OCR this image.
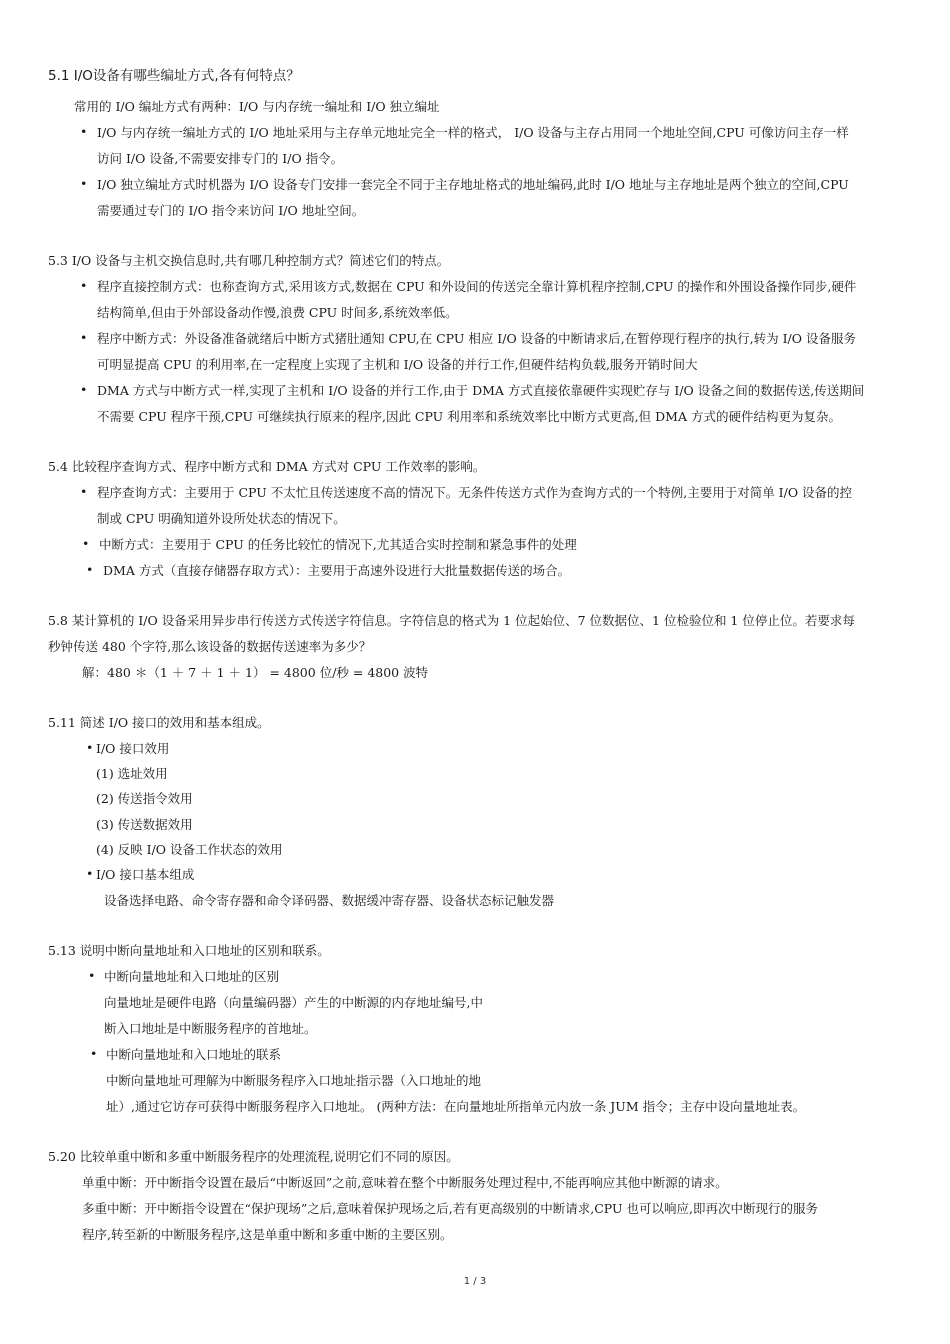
5.1 I/O设备有哪些编址方式,各有何特点？
常用的 I/O 编址方式有两种：I/O 与内存统一编址和 I/O 独立编址
• I/O 与内存统一编址方式的 I/O 地址采用与主存单元地址完全一样的格式， I/O 设备与主存占用同一个地址空间,CPU 可像访问主存一样
访问 I/O 设备,不需要安排专门的 I/O 指令。
• I/O 独立编址方式时机器为 I/O 设备专门安排一套完全不同于主存地址格式的地址编码,此时 I/O 地址与主存地址是两个独立的空间,CPU
需要通过专门的 I/O 指令来访问 I/O 地址空间。
5.3 I/O 设备与主机交换信息时,共有哪几种控制方式？简述它们的特点。
• 程序直接控制方式：也称查询方式,采用该方式,数据在 CPU 和外设间的传送完全靠计算机程序控制,CPU 的操作和外围设备操作同步,硬件
结构简单,但由于外部设备动作慢,浪费 CPU 时间多,系统效率低。
• 程序中断方式：外设备准备就绪后中断方式猪肚通知 CPU,在 CPU 相应 I/O 设备的中断请求后,在暂停现行程序的执行,转为 I/O 设备服务
可明显提高 CPU 的利用率,在一定程度上实现了主机和 I/O 设备的并行工作,但硬件结构负载,服务开销时间大
• DMA 方式与中断方式一样,实现了主机和 I/O 设备的并行工作,由于 DMA 方式直接依靠硬件实现贮存与 I/O 设备之间的数据传送,传送期间
不需要 CPU 程序干预,CPU 可继续执行原来的程序,因此 CPU 利用率和系统效率比中断方式更高,但 DMA 方式的硬件结构更为复杂。
5.4 比较程序查询方式、程序中断方式和 DMA 方式对 CPU 工作效率的影响。
• 程序查询方式：主要用于 CPU 不太忙且传送速度不高的情况下。无条件传送方式作为查询方式的一个特例,主要用于对简单 I/O 设备的控
制或 CPU 明确知道外设所处状态的情况下。
• 中断方式：主要用于 CPU 的任务比较忙的情况下,尤其适合实时控制和紧急事件的处理
• DMA 方式（直接存储器存取方式）：主要用于高速外设进行大批量数据传送的场合。
5.8 某计算机的 I/O 设备采用异步串行传送方式传送字符信息。字符信息的格式为 1 位起始位、7 位数据位、1 位检验位和 1 位停止位。若要求每
秒钟传送 480 个字符,那么该设备的数据传送速率为多少？
解：480 ＊（1 ＋ 7 ＋ 1 ＋ 1） = 4800 位/秒 = 4800 波特
5.11 简述 I/O 接口的效用和基本组成。
• I/O 接口效用
(1) 选址效用
(2) 传送指令效用
(3) 传送数据效用
(4) 反映 I/O 设备工作状态的效用
• I/O 接口基本组成
设备选择电路、命令寄存器和命令译码器、数据缓冲寄存器、设备状态标记触发器
5.13 说明中断向量地址和入口地址的区别和联系。
• 中断向量地址和入口地址的区别
向量地址是硬件电路（向量编码器）产生的中断源的内存地址编号,中
断入口地址是中断服务程序的首地址。
• 中断向量地址和入口地址的联系
中断向量地址可理解为中断服务程序入口地址指示器（入口地址的地
址）,通过它访存可获得中断服务程序入口地址。 (两种方法：在向量地址所指单元内放一条 JUM 指令；主存中设向量地址表。
5.20 比较单重中断和多重中断服务程序的处理流程,说明它们不同的原因。
单重中断：开中断指令设置在最后“中断返回”之前,意味着在整个中断服务处理过程中,不能再响应其他中断源的请求。
多重中断：开中断指令设置在“保护现场”之后,意味着保护现场之后,若有更高级别的中断请求,CPU 也可以响应,即再次中断现行的服务
程序,转至新的中断服务程序,这是单重中断和多重中断的主要区别。
1 / 3
